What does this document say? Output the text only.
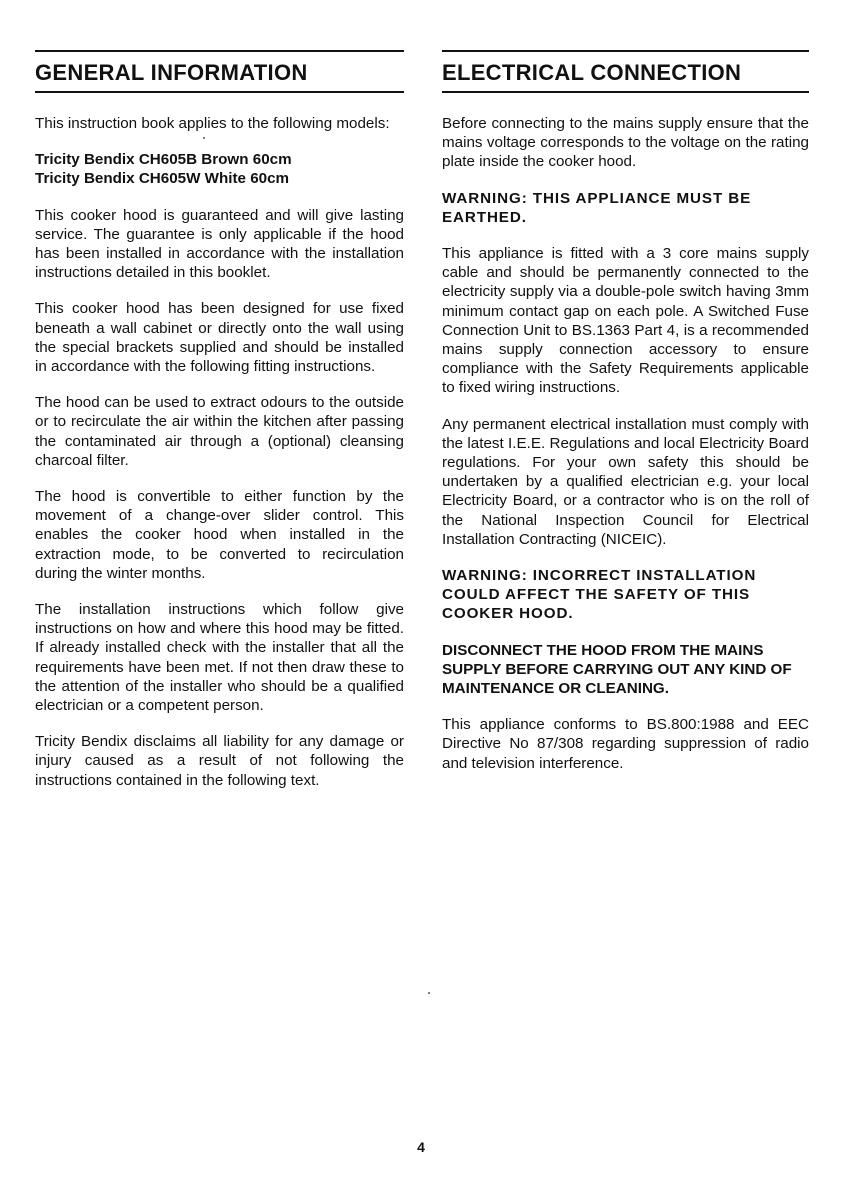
GENERAL INFORMATION

This instruction book applies to the following models:

Tricity Bendix CH605B Brown 60cm
Tricity Bendix CH605W White 60cm

This cooker hood is guaranteed and will give lasting service. The guarantee is only applicable if the hood has been installed in accordance with the installation instructions detailed in this booklet.

This cooker hood has been designed for use fixed beneath a wall cabinet or directly onto the wall using the special brackets supplied and should be installed in accordance with the following fitting instructions.

The hood can be used to extract odours to the outside or to recirculate the air within the kitchen after passing the contaminated air through a (optional) cleansing charcoal filter.

The hood is convertible to either function by the movement of a change-over slider control. This enables the cooker hood when installed in the extraction mode, to be converted to recirculation during the winter months.

The installation instructions which follow give instructions on how and where this hood may be fitted. If already installed check with the installer that all the requirements have been met. If not then draw these to the attention of the installer who should be a qualified electrician or a competent person.

Tricity Bendix disclaims all liability for any damage or injury caused as a result of not following the instructions contained in the following text.

ELECTRICAL CONNECTION

Before connecting to the mains supply ensure that the mains voltage corresponds to the voltage on the rating plate inside the cooker hood.

WARNING: THIS APPLIANCE MUST BE EARTHED.

This appliance is fitted with a 3 core mains supply cable and should be permanently connected to the electricity supply via a double-pole switch having 3mm minimum contact gap on each pole. A Switched Fuse Connection Unit to BS.1363 Part 4, is a recommended mains supply connection accessory to ensure compliance with the Safety Requirements applicable to fixed wiring instructions.

Any permanent electrical installation must comply with the latest I.E.E. Regulations and local Electricity Board regulations. For your own safety this should be undertaken by a qualified electrician e.g. your local Electricity Board, or a contractor who is on the roll of the National Inspection Council for Electrical Installation Contracting (NICEIC).

WARNING: INCORRECT INSTALLATION COULD AFFECT THE SAFETY OF THIS COOKER HOOD.

DISCONNECT THE HOOD FROM THE MAINS SUPPLY BEFORE CARRYING OUT ANY KIND OF MAINTENANCE OR CLEANING.

This appliance conforms to BS.800:1988 and EEC Directive No 87/308 regarding suppression of radio and television interference.

4
